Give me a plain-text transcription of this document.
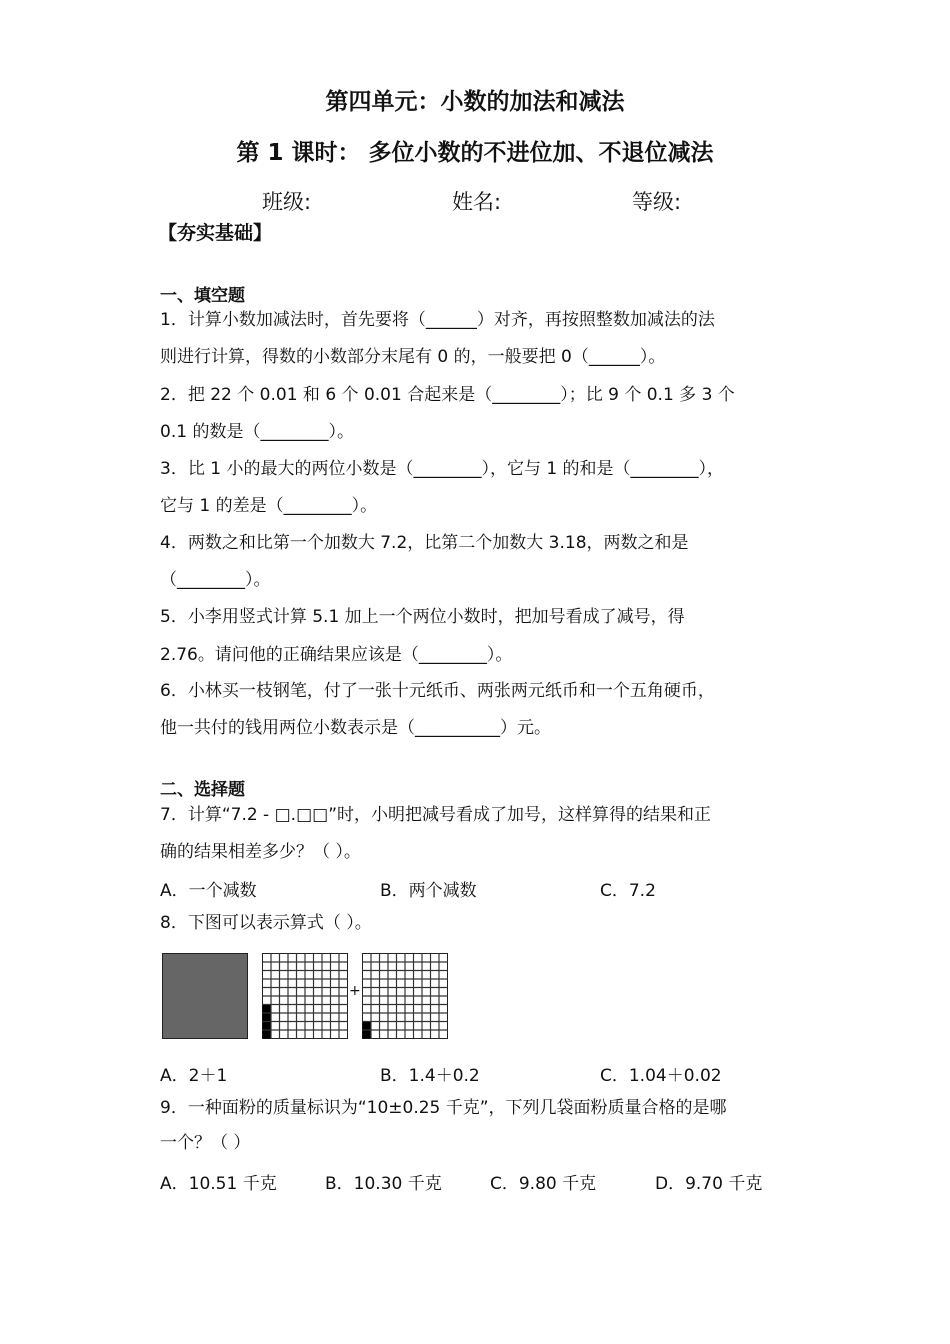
第四单元：小数的加法和减法
第 1 课时： 多位小数的不进位加、不退位减法
班级:	姓名:	等级:
【夯实基础】
一、填空题
1．计算小数加减法时，首先要将（______）对齐，再按照整数加减法的法
则进行计算，得数的小数部分末尾有 0 的，一般要把 0（______）。
2．把 22 个 0.01 和 6 个 0.01 合起来是（________）；比 9 个 0.1 多 3 个
0.1 的数是（________）。
3．比 1 小的最大的两位小数是（________），它与 1 的和是（________），
它与 1 的差是（________）。
4．两数之和比第一个加数大 7.2，比第二个加数大 3.18，两数之和是
（________）。
5．小李用竖式计算 5.1 加上一个两位小数时，把加号看成了减号，得
2.76。请问他的正确结果应该是（________）。
6．小林买一枝钢笔，付了一张十元纸币、两张两元纸币和一个五角硬币，
他一共付的钱用两位小数表示是（__________）元。
二、选择题
7．计算“7.2 - □.□□”时，小明把减号看成了加号，这样算得的结果和正
确的结果相差多少？（ ）。
A．一个减数	B．两个减数	C．7.2
8．下图可以表示算式（ ）。
+
A．2＋1	B．1.4＋0.2	C．1.04＋0.02
9．一种面粉的质量标识为“10±0.25 千克”，下列几袋面粉质量合格的是哪
一个？（ ）
A．10.51 千克	B．10.30 千克	C．9.80 千克	D．9.70 千克
